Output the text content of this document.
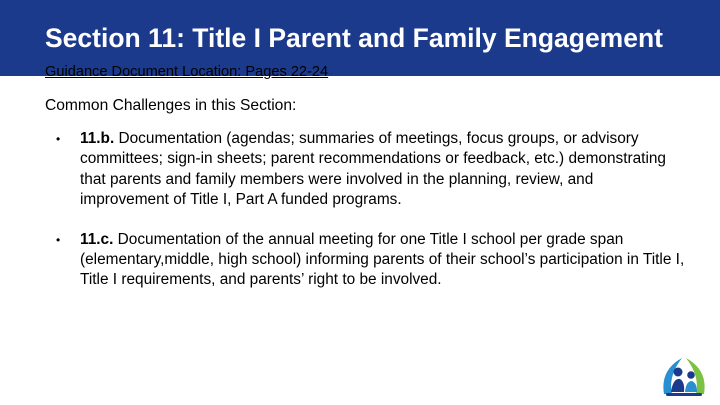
Section 11: Title I Parent and Family Engagement
Guidance Document Location: Pages 22-24
Common Challenges in this Section:
• 11.b. Documentation (agendas; summaries of meetings, focus groups, or advisory committees; sign-in sheets; parent recommendations or feedback, etc.) demonstrating that parents and family members were involved in the planning, review, and improvement of Title I, Part A funded programs.
• 11.c. Documentation of the annual meeting for one Title I school per grade span (elementary,middle, high school) informing parents of their school’s participation in Title I, Title I requirements, and parents’ right to be involved.
